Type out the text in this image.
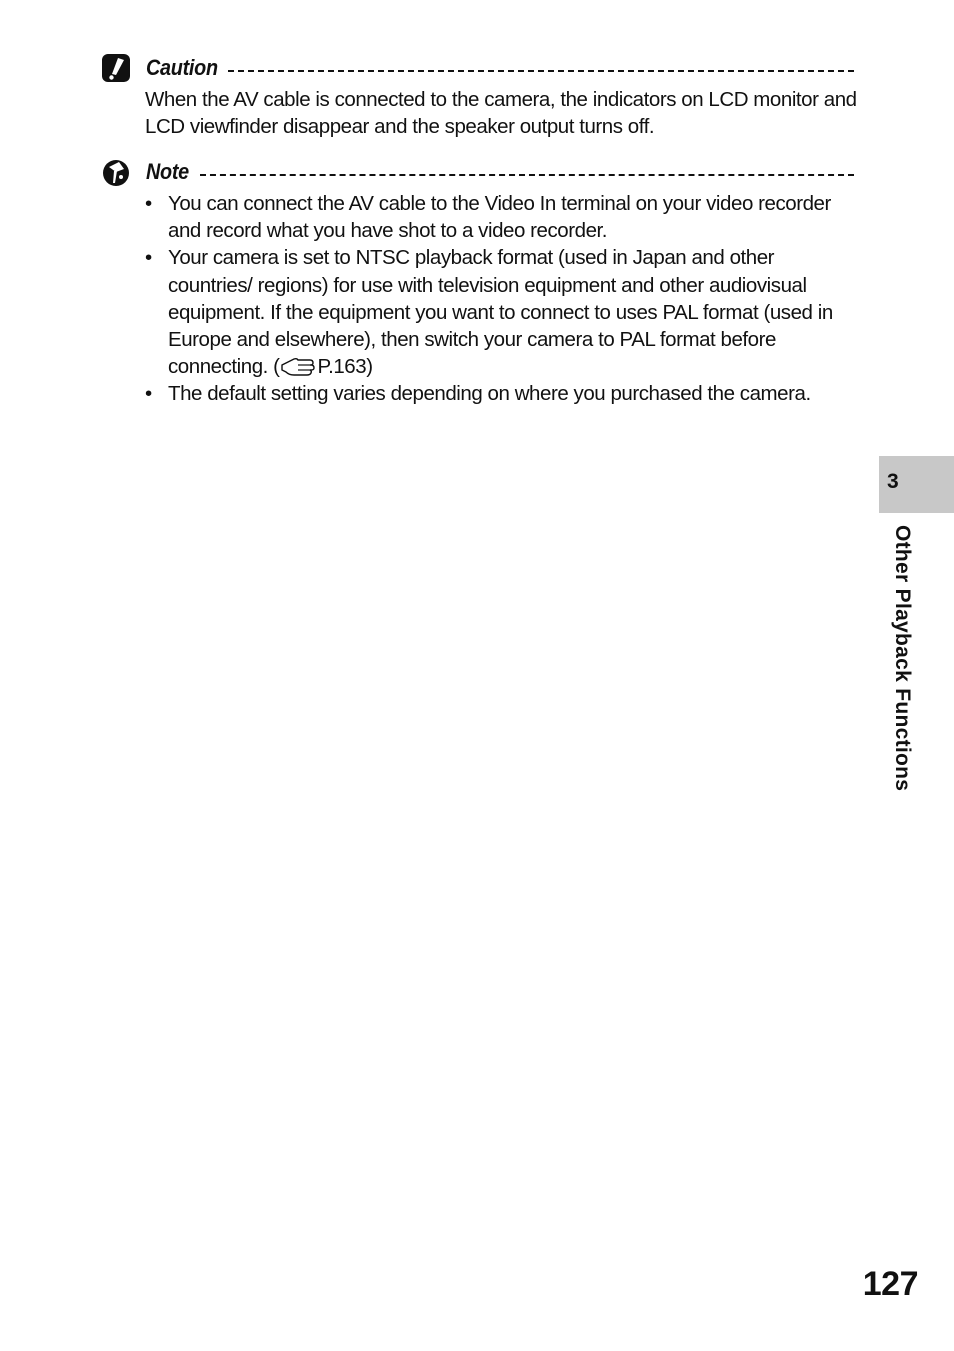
Caution

When the AV cable is connected to the camera, the indicators on LCD monitor and LCD viewfinder disappear and the speaker output turns off.

Note
• You can connect the AV cable to the Video In terminal on your video recorder and record what you have shot to a video recorder.
• Your camera is set to NTSC playback format (used in Japan and other countries/ regions) for use with television equipment and other audiovisual equipment. If the equipment you want to connect to uses PAL format (used in Europe and elsewhere), then switch your camera to PAL format before connecting. ( P.163)
• The default setting varies depending on where you purchased the camera.
3
Other Playback Functions
127
